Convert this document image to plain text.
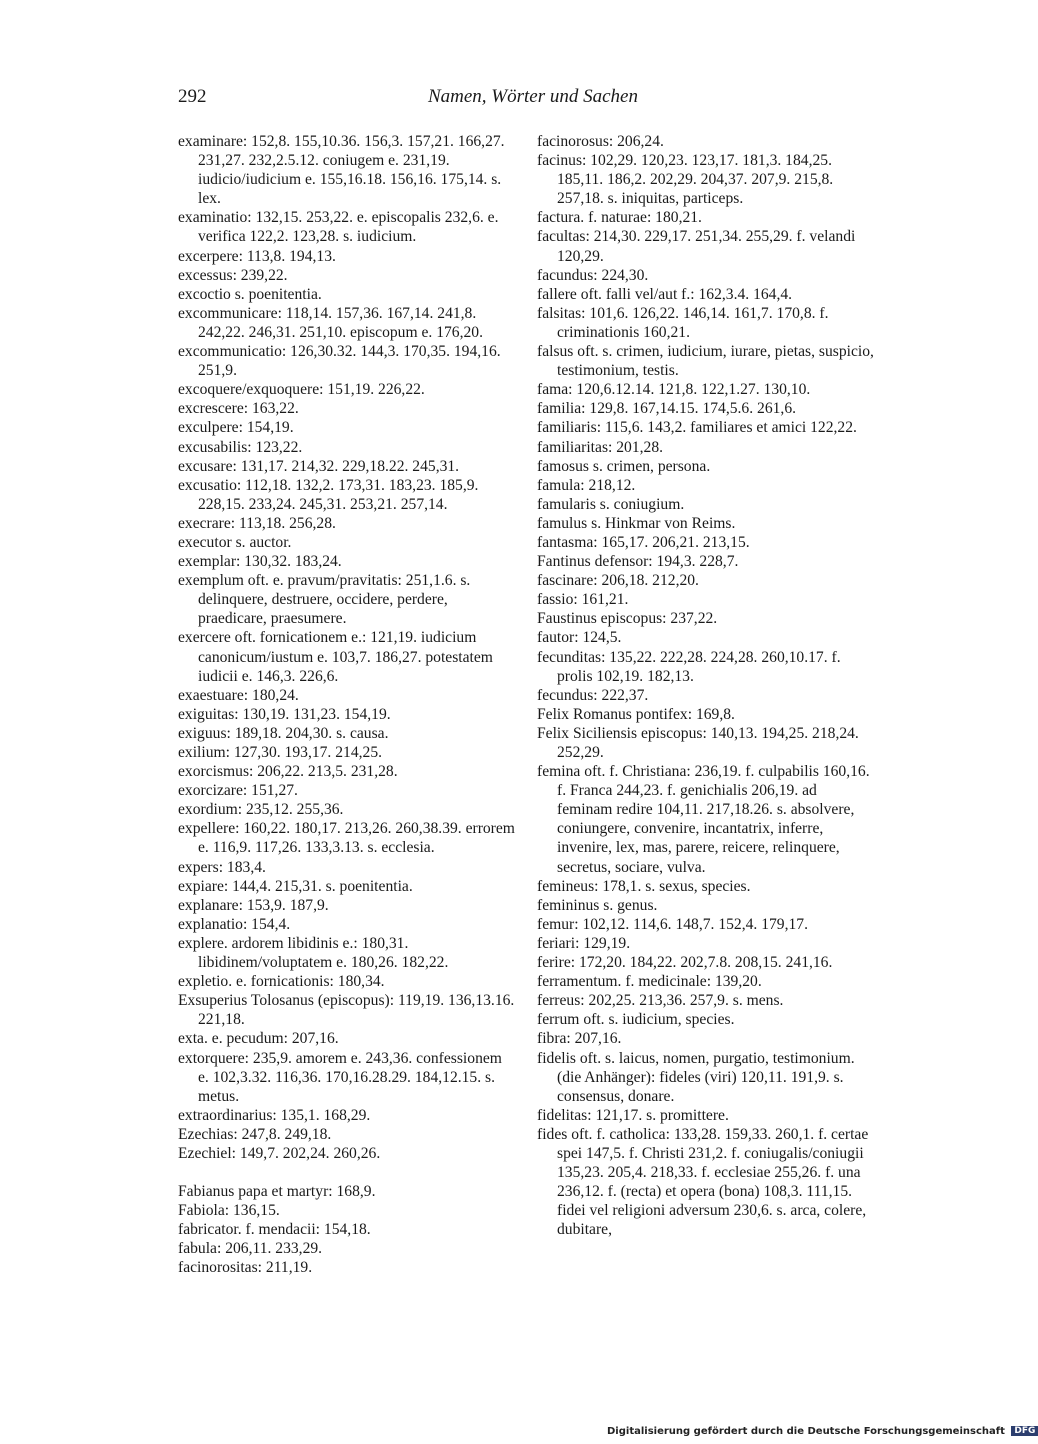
292	Namen, Wörter und Sachen

examinare: 152,8. 155,10.36. 156,3. 157,21. 166,27. 231,27. 232,2.5.12. coniugem e. 231,19. iudicio/iudicium e. 155,16.18. 156,16. 175,14. s. lex.

examinatio: 132,15. 253,22. e. episcopalis 232,6. e. verifica 122,2. 123,28. s. iudicium.

excerpere: 113,8. 194,13.

excessus: 239,22.

excoctio s. poenitentia.

excommunicare: 118,14. 157,36. 167,14. 241,8. 242,22. 246,31. 251,10. episcopum e. 176,20.

excommunicatio: 126,30.32. 144,3. 170,35. 194,16. 251,9.

excoquere/exquoquere: 151,19. 226,22.

excrescere: 163,22.

exculpere: 154,19.

excusabilis: 123,22.

excusare: 131,17. 214,32. 229,18.22. 245,31.

excusatio: 112,18. 132,2. 173,31. 183,23. 185,9. 228,15. 233,24. 245,31. 253,21. 257,14.

execrare: 113,18. 256,28.

executor s. auctor.

exemplar: 130,32. 183,24.

exemplum oft. e. pravum/pravitatis: 251,1.6. s. delinquere, destruere, occidere, perdere, praedicare, praesumere.

exercere oft. fornicationem e.: 121,19. iudicium canonicum/iustum e. 103,7. 186,27. potestatem iudicii e. 146,3. 226,6.

exaestuare: 180,24.

exiguitas: 130,19. 131,23. 154,19.

exiguus: 189,18. 204,30. s. causa.

exilium: 127,30. 193,17. 214,25.

exorcismus: 206,22. 213,5. 231,28.

exorcizare: 151,27.

exordium: 235,12. 255,36.

expellere: 160,22. 180,17. 213,26. 260,38.39. errorem e. 116,9. 117,26. 133,3.13. s. ecclesia.

expers: 183,4.

expiare: 144,4. 215,31. s. poenitentia.

explanare: 153,9. 187,9.

explanatio: 154,4.

explere. ardorem libidinis e.: 180,31. libidinem/voluptatem e. 180,26. 182,22.

expletio. e. fornicationis: 180,34.

Exsuperius Tolosanus (episcopus): 119,19. 136,13.16. 221,18.

exta. e. pecudum: 207,16.

extorquere: 235,9. amorem e. 243,36. confessionem e. 102,3.32. 116,36. 170,16.28.29. 184,12.15. s. metus.

extraordinarius: 135,1. 168,29.

Ezechias: 247,8. 249,18.

Ezechiel: 149,7. 202,24. 260,26.

Fabianus papa et martyr: 168,9.

Fabiola: 136,15.

fabricator. f. mendacii: 154,18.

fabula: 206,11. 233,29.

facinorositas: 211,19.

facinorosus: 206,24.

facinus: 102,29. 120,23. 123,17. 181,3. 184,25. 185,11. 186,2. 202,29. 204,37. 207,9. 215,8. 257,18. s. iniquitas, particeps.

factura. f. naturae: 180,21.

facultas: 214,30. 229,17. 251,34. 255,29. f. velandi 120,29.

facundus: 224,30.

fallere oft. falli vel/aut f.: 162,3.4. 164,4.

falsitas: 101,6. 126,22. 146,14. 161,7. 170,8. f. criminationis 160,21.

falsus oft. s. crimen, iudicium, iurare, pietas, suspicio, testimonium, testis.

fama: 120,6.12.14. 121,8. 122,1.27. 130,10.

familia: 129,8. 167,14.15. 174,5.6. 261,6.

familiaris: 115,6. 143,2. familiares et amici 122,22.

familiaritas: 201,28.

famosus s. crimen, persona.

famula: 218,12.

famularis s. coniugium.

famulus s. Hinkmar von Reims.

fantasma: 165,17. 206,21. 213,15.

Fantinus defensor: 194,3. 228,7.

fascinare: 206,18. 212,20.

fassio: 161,21.

Faustinus episcopus: 237,22.

fautor: 124,5.

fecunditas: 135,22. 222,28. 224,28. 260,10.17. f. prolis 102,19. 182,13.

fecundus: 222,37.

Felix Romanus pontifex: 169,8.

Felix Siciliensis episcopus: 140,13. 194,25. 218,24. 252,29.

femina oft. f. Christiana: 236,19. f. culpabilis 160,16. f. Franca 244,23. f. genichialis 206,19. ad feminam redire 104,11. 217,18.26. s. absolvere, coniungere, convenire, incantatrix, inferre, invenire, lex, mas, parere, reicere, relinquere, secretus, sociare, vulva.

femineus: 178,1. s. sexus, species.

femininus s. genus.

femur: 102,12. 114,6. 148,7. 152,4. 179,17.

feriari: 129,19.

ferire: 172,20. 184,22. 202,7.8. 208,15. 241,16.

ferramentum. f. medicinale: 139,20.

ferreus: 202,25. 213,36. 257,9. s. mens.

ferrum oft. s. iudicium, species.

fibra: 207,16.

fidelis oft. s. laicus, nomen, purgatio, testimonium. (die Anhänger): fideles (viri) 120,11. 191,9. s. consensus, donare.

fidelitas: 121,17. s. promittere.

fides oft. f. catholica: 133,28. 159,33. 260,1. f. certae spei 147,5. f. Christi 231,2. f. coniugalis/coniugii 135,23. 205,4. 218,33. f. ecclesiae 255,26. f. una 236,12. f. (recta) et opera (bona) 108,3. 111,15. fidei vel religioni adversum 230,6. s. arca, colere, dubitare,

Digitalisierung gefördert durch die Deutsche Forschungsgemeinschaft DFG
